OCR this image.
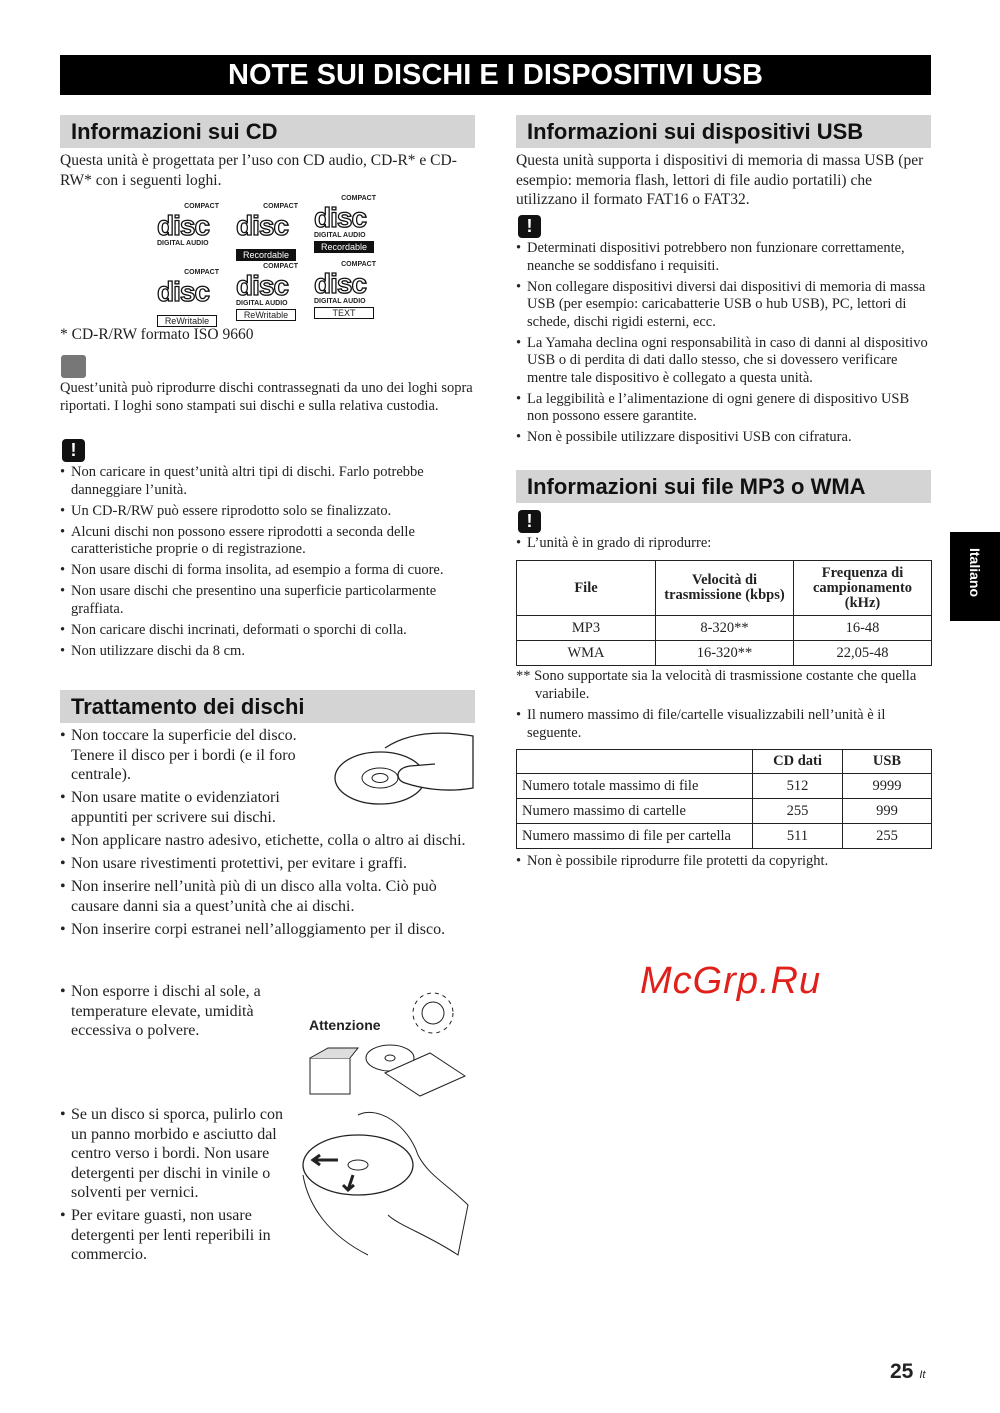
NOTE SUI DISCHI E I DISPOSITIVI USB
Informazioni sui CD
Questa unità è progettata per l’uso con CD audio, CD-R* e CD-RW* con i seguenti loghi.
COMPACT
disc
DIGITAL AUDIO
COMPACT
disc
Recordable
COMPACT
disc
DIGITAL AUDIO
Recordable
COMPACT
disc
ReWritable
COMPACT
disc
DIGITAL AUDIO
ReWritable
COMPACT
disc
DIGITAL AUDIO
TEXT
* CD-R/RW formato ISO 9660
Quest’unità può riprodurre dischi contrassegnati da uno dei loghi sopra riportati. I loghi sono stampati sui dischi e sulla relativa custodia.
!
• Non caricare in quest’unità altri tipi di dischi. Farlo potrebbe danneggiare l’unità.
• Un CD-R/RW può essere riprodotto solo se finalizzato.
• Alcuni dischi non possono essere riprodotti a seconda delle caratteristiche proprie o di registrazione.
• Non usare dischi di forma insolita, ad esempio a forma di cuore.
• Non usare dischi che presentino una superficie particolarmente graffiata.
• Non caricare dischi incrinati, deformati o sporchi di colla.
• Non utilizzare dischi da 8 cm.
Trattamento dei dischi
• Non toccare la superficie del disco. Tenere il disco per i bordi (e il foro centrale).
• Non usare matite o evidenziatori appuntiti per scrivere sui dischi.
• Non applicare nastro adesivo, etichette, colla o altro ai dischi.
• Non usare rivestimenti protettivi, per evitare i graffi.
• Non inserire nell’unità più di un disco alla volta. Ciò può causare danni sia a quest’unità che ai dischi.
• Non inserire corpi estranei nell’alloggiamento per il disco.
• Non esporre i dischi al sole, a temperature elevate, umidità eccessiva o polvere.	Attenzione
• Se un disco si sporca, pulirlo con un panno morbido e asciutto dal centro verso i bordi. Non usare detergenti per dischi in vinile o solventi per vernici.
• Per evitare guasti, non usare detergenti per lenti reperibili in commercio.
Informazioni sui dispositivi USB
Questa unità supporta i dispositivi di memoria di massa USB (per esempio: memoria flash, lettori di file audio portatili) che utilizzano il formato FAT16 o FAT32.
!
• Determinati dispositivi potrebbero non funzionare correttamente, neanche se soddisfano i requisiti.
• Non collegare dispositivi diversi dai dispositivi di memoria di massa USB (per esempio: caricabatterie USB o hub USB), PC, lettori di schede, dischi rigidi esterni, ecc.
• La Yamaha declina ogni responsabilità in caso di danni al dispositivo USB o di perdita di dati dallo stesso, che si dovessero verificare mentre tale dispositivo è collegato a questa unità.
• La leggibilità e l’alimentazione di ogni genere di dispositivo USB non possono essere garantite.
• Non è possibile utilizzare dispositivi USB con cifratura.
Informazioni sui file MP3 o WMA
!
• L’unità è in grado di riprodurre:
File	Velocità di trasmissione (kbps)	Frequenza di campionamento (kHz)
MP3	8-320**	16-48
WMA	16-320**	22,05-48
** Sono supportate sia la velocità di trasmissione costante che quella variabile.
• Il numero massimo di file/cartelle visualizzabili nell’unità è il seguente.
	CD dati	USB
Numero totale massimo di file	512	9999
Numero massimo di cartelle	255	999
Numero massimo di file per cartella	511	255
• Non è possibile riprodurre file protetti da copyright.
McGrp.Ru
Italiano
25 It
